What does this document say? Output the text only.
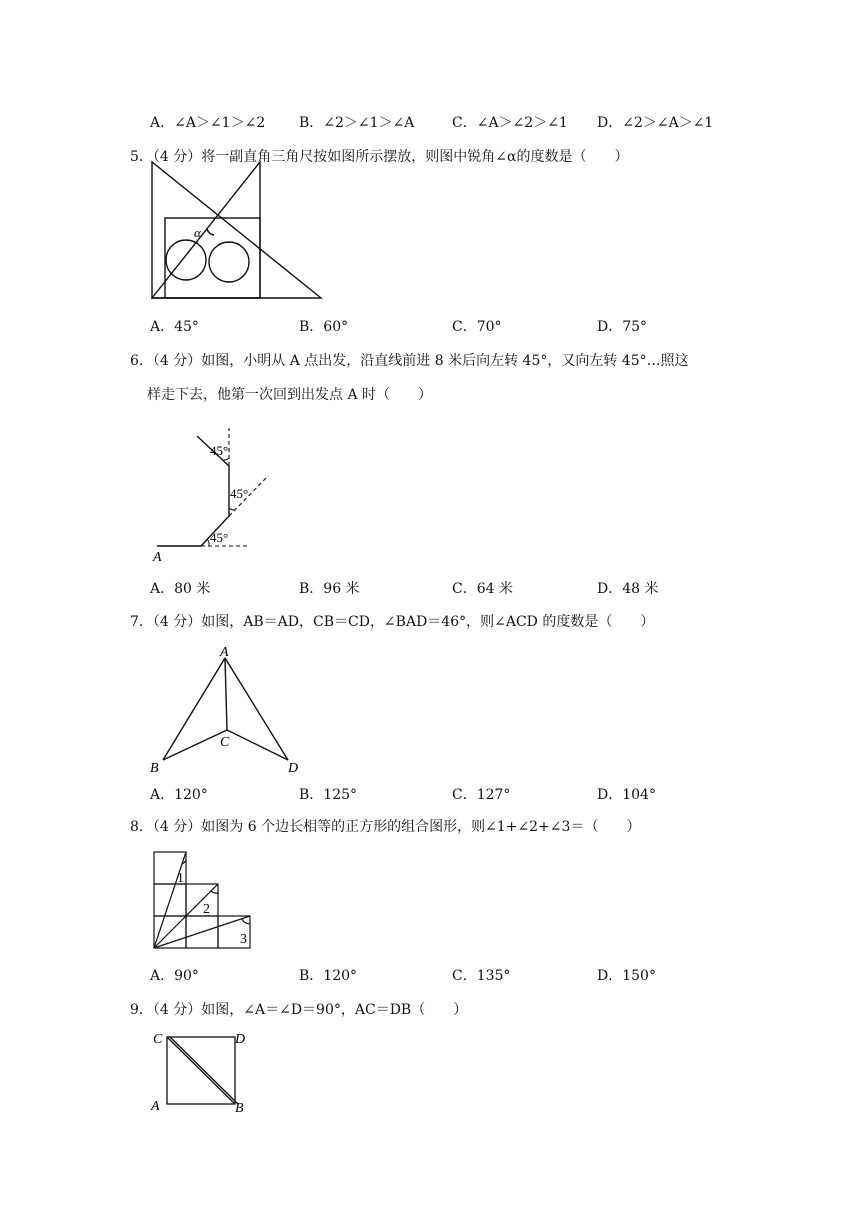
A．∠A＞∠1＞∠2 B．∠2＞∠1＞∠A	C．∠A＞∠2＞∠1 D．∠2＞∠A＞∠1
5．（4 分）将一副直角三角尺按如图所示摆放，则图中锐角∠α的度数是（　　）
α
A．45°	B．60°	C．70°	D．75°
6．（4 分）如图，小明从 A 点出发，沿直线前进 8 米后向左转 45°，又向左转 45°…照这
样走下去，他第一次回到出发点 A 时（　　）
45°
45°
45°
A
A．80 米	B．96 米	C．64 米	D．48 米
7．（4 分）如图，AB＝AD，CB＝CD，∠BAD＝46°，则∠ACD 的度数是（　　）
A
B
C
D
A．120°	B．125°	C．127°	D．104°
8．（4 分）如图为 6 个边长相等的正方形的组合图形，则∠1+∠2+∠3＝（　　）
1
2
3
A．90°	B．120°	C．135°	D．150°
9．（4 分）如图，∠A＝∠D＝90°，AC＝DB（　　）
C	D
A	B
